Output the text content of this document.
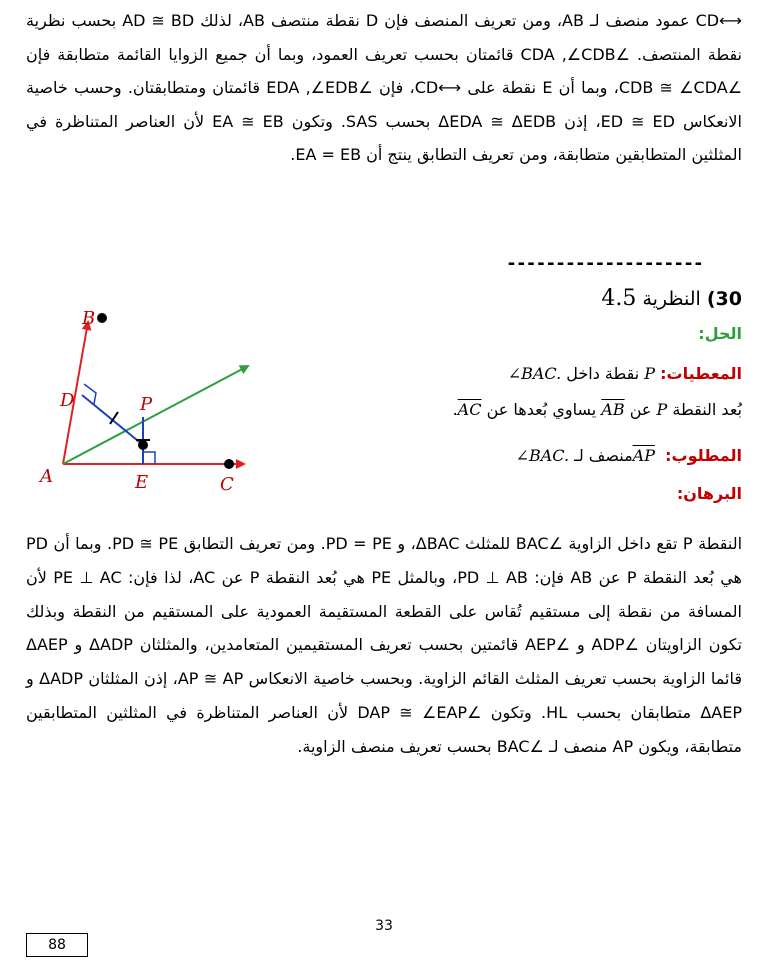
⟷CD عمود منصف لـ AB، ومن تعريف المنصف فإن D نقطة منتصف AB، لذلك AD ≅ BD بحسب نظرية نقطة المنتصف. ∠CDA ,∠CDB قائمتان بحسب تعريف العمود، وبما أن جميع الزوايا القائمة متطابقة فإن ∠CDB ≅ ∠CDA، وبما أن E نقطة على ⟷CD، فإن ∠EDA ,∠EDB قائمتان ومتطابقتان. وحسب خاصية الانعكاس ED ≅ ED، إذن ΔEDA ≅ ΔEDB بحسب SAS. وتكون EA ≅ EB لأن العناصر المتناظرة في المثلثين المتطابقين متطابقة، ومن تعريف التطابق ينتج أن EA = EB.
--------------------
30) النظرية 4.5
الحل:
المعطيات: P نقطة داخل ∠BAC.
بُعد النقطة P عن $\overline{AB}$ يساوي بُعدها عن $\overline{AC}$.
المطلوب: $\overline{AP}$ منصف لـ ∠BAC.
البرهان:
B
D	P
A	E	C
النقطة P تقع داخل الزاوية ∠BAC للمثلث ΔBAC، و PD = PE. ومن تعريف التطابق PD ≅ PE. وبما أن PD هي بُعد النقطة P عن AB فإن: PD ⊥ AB، وبالمثل PE هي بُعد النقطة P عن AC، لذا فإن: PE ⊥ AC لأن المسافة من نقطة إلى مستقيم تُقاس على القطعة المستقيمة العمودية على المستقيم من النقطة وبذلك تكون الزاويتان ∠ADP و ∠AEP قائمتين بحسب تعريف المستقيمين المتعامدين، والمثلثان ΔADP و ΔAEP قائما الزاوية بحسب تعريف المثلث القائم الزاوية. وبحسب خاصية الانعكاس AP ≅ AP، إذن المثلثان ΔADP و ΔAEP متطابقان بحسب HL. وتكون ∠DAP ≅ ∠EAP لأن العناصر المتناظرة في المثلثين المتطابقين متطابقة، ويكون AP منصف لـ ∠BAC بحسب تعريف منصف الزاوية.
33
88
